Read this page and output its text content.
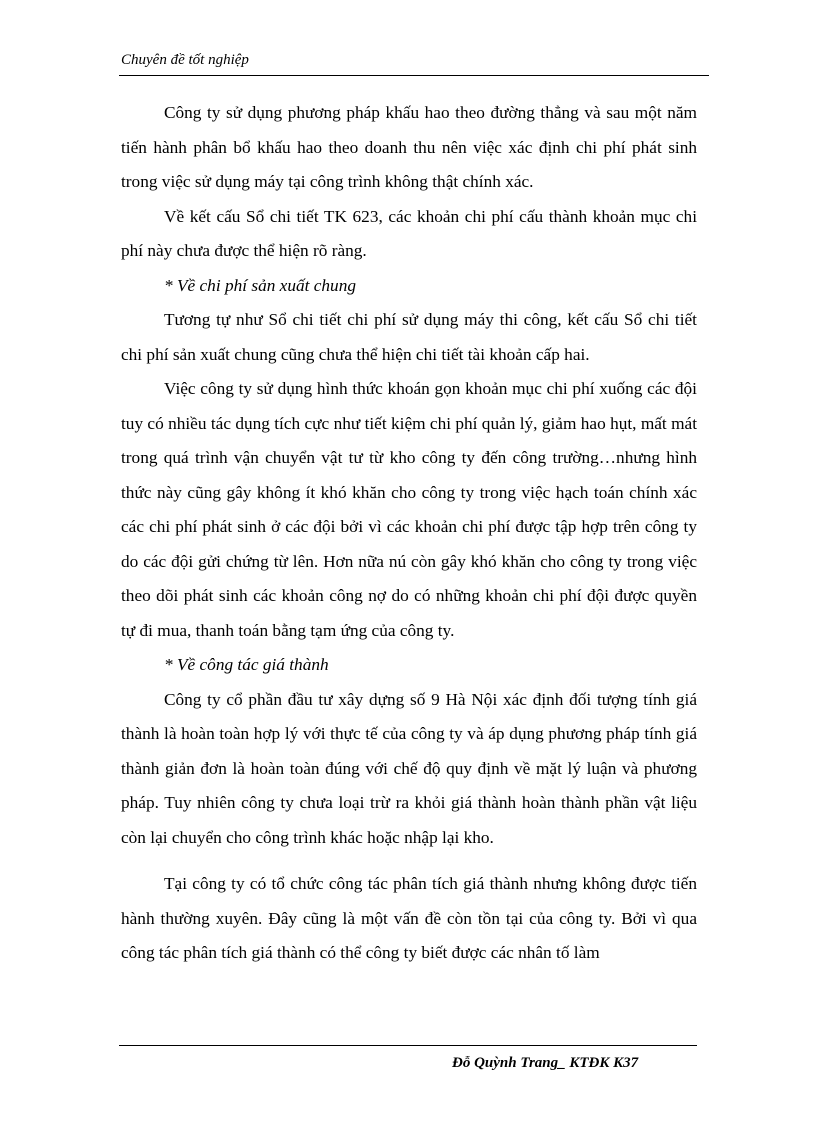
Chuyên đề tốt nghiệp

Công ty sử dụng phương pháp khấu hao theo đường thẳng và sau một năm tiến hành phân bổ khấu hao theo doanh thu nên việc xác định chi phí phát sinh trong việc sử dụng máy tại công trình không thật chính xác.

Về kết cấu Sổ chi tiết TK 623, các khoản chi phí cấu thành khoản mục chi phí này chưa được thể hiện rõ ràng.

* Về chi phí sản xuất chung

Tương tự như Sổ chi tiết chi phí sử dụng máy thi công, kết cấu Sổ chi tiết chi phí sản xuất chung cũng chưa thể hiện chi tiết tài khoản cấp hai.

Việc công ty sử dụng hình thức khoán gọn khoản mục chi phí xuống các đội tuy có nhiều tác dụng tích cực như tiết kiệm chi phí quản lý, giảm hao hụt, mất mát trong quá trình vận chuyển vật tư từ kho công ty đến công trường…nhưng hình thức này cũng gây không ít khó khăn cho công ty trong việc hạch toán chính xác các chi phí phát sinh ở các đội bởi vì các khoản chi phí được tập hợp trên công ty do các đội gửi chứng từ lên. Hơn nữa nú còn gây khó khăn cho công ty trong việc theo dõi phát sinh các khoản công nợ do có những khoản chi phí đội được quyền tự đi mua, thanh toán bằng tạm ứng của công ty.

* Về công tác giá thành

Công ty cổ phần đầu tư xây dựng số 9 Hà Nội xác định đối tượng tính giá thành là hoàn toàn hợp lý với thực tế của công ty và áp dụng phương pháp tính giá thành giản đơn là hoàn toàn đúng với chế độ quy định về mặt lý luận và phương pháp. Tuy nhiên công ty chưa loại trừ ra khỏi giá thành hoàn thành phần vật liệu còn lại chuyển cho công trình khác hoặc nhập lại kho.

Tại công ty có tổ chức công tác phân tích giá thành nhưng không được tiến hành thường xuyên. Đây cũng là một vấn đề còn tồn tại của công ty. Bởi vì qua công tác phân tích giá thành có thể công ty biết được các nhân tố làm

Đỗ Quỳnh Trang_ KTĐK K37
